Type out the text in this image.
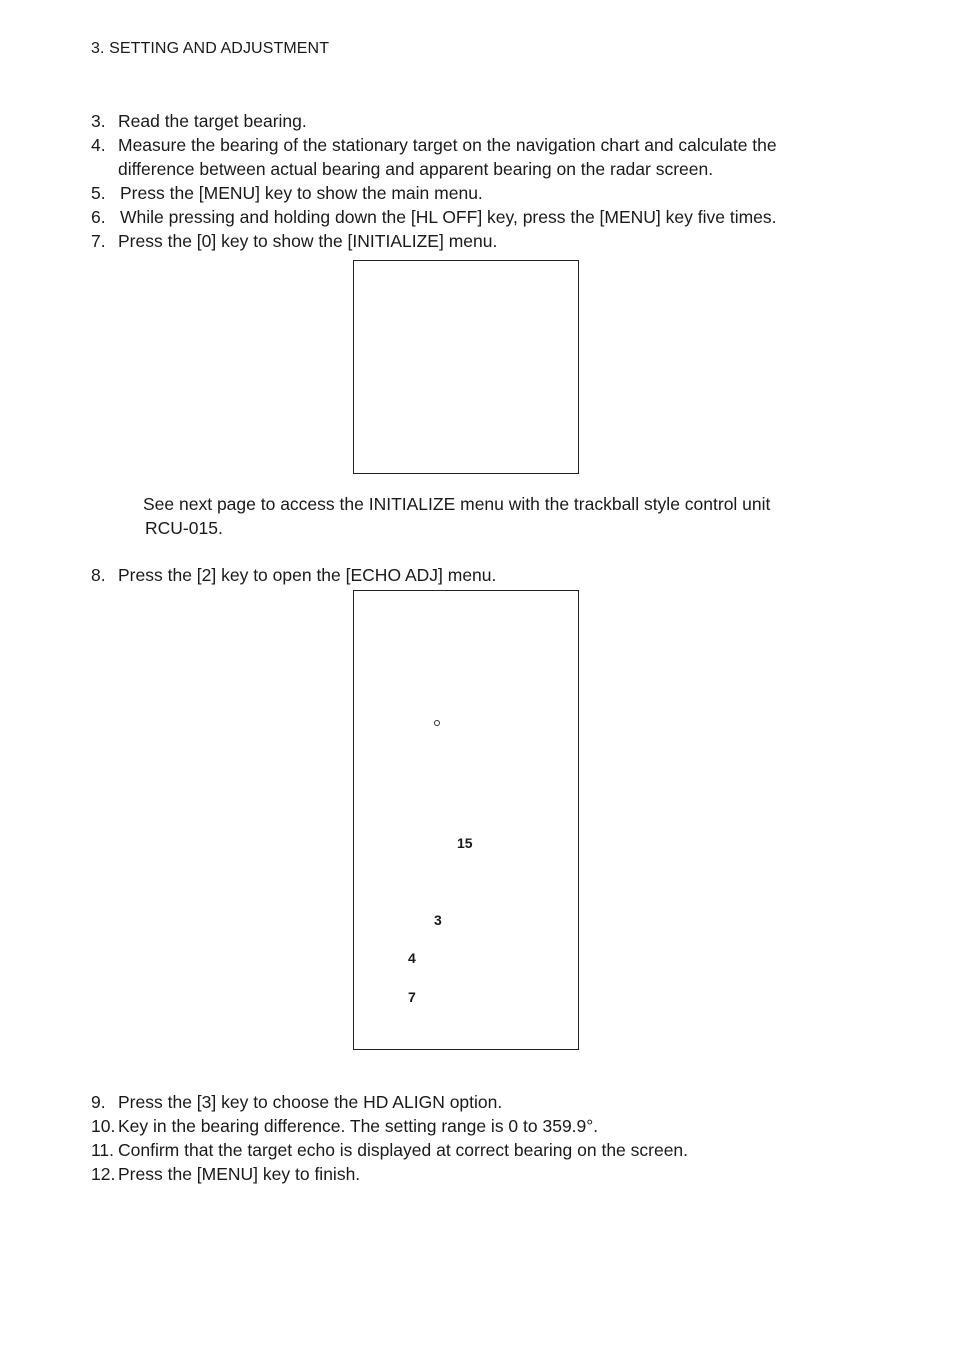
3. SETTING AND ADJUSTMENT
3. Read the target bearing.
4. Measure the bearing of the stationary target on the navigation chart and calculate the difference between actual bearing and apparent bearing on the radar screen.
5. Press the [MENU] key to show the main menu.
6. While pressing and holding down the [HL OFF] key, press the [MENU] key five times.
7. Press the [0] key to show the [INITIALIZE] menu.
See next page to access the INITIALIZE menu with the trackball style control unit
RCU-015.
8. Press the [2] key to open the [ECHO ADJ] menu.
15
3
4
7
9. Press the [3] key to choose the HD ALIGN option.
10. Key in the bearing difference. The setting range is 0 to 359.9°.
11. Confirm that the target echo is displayed at correct bearing on the screen.
12. Press the [MENU] key to finish.
